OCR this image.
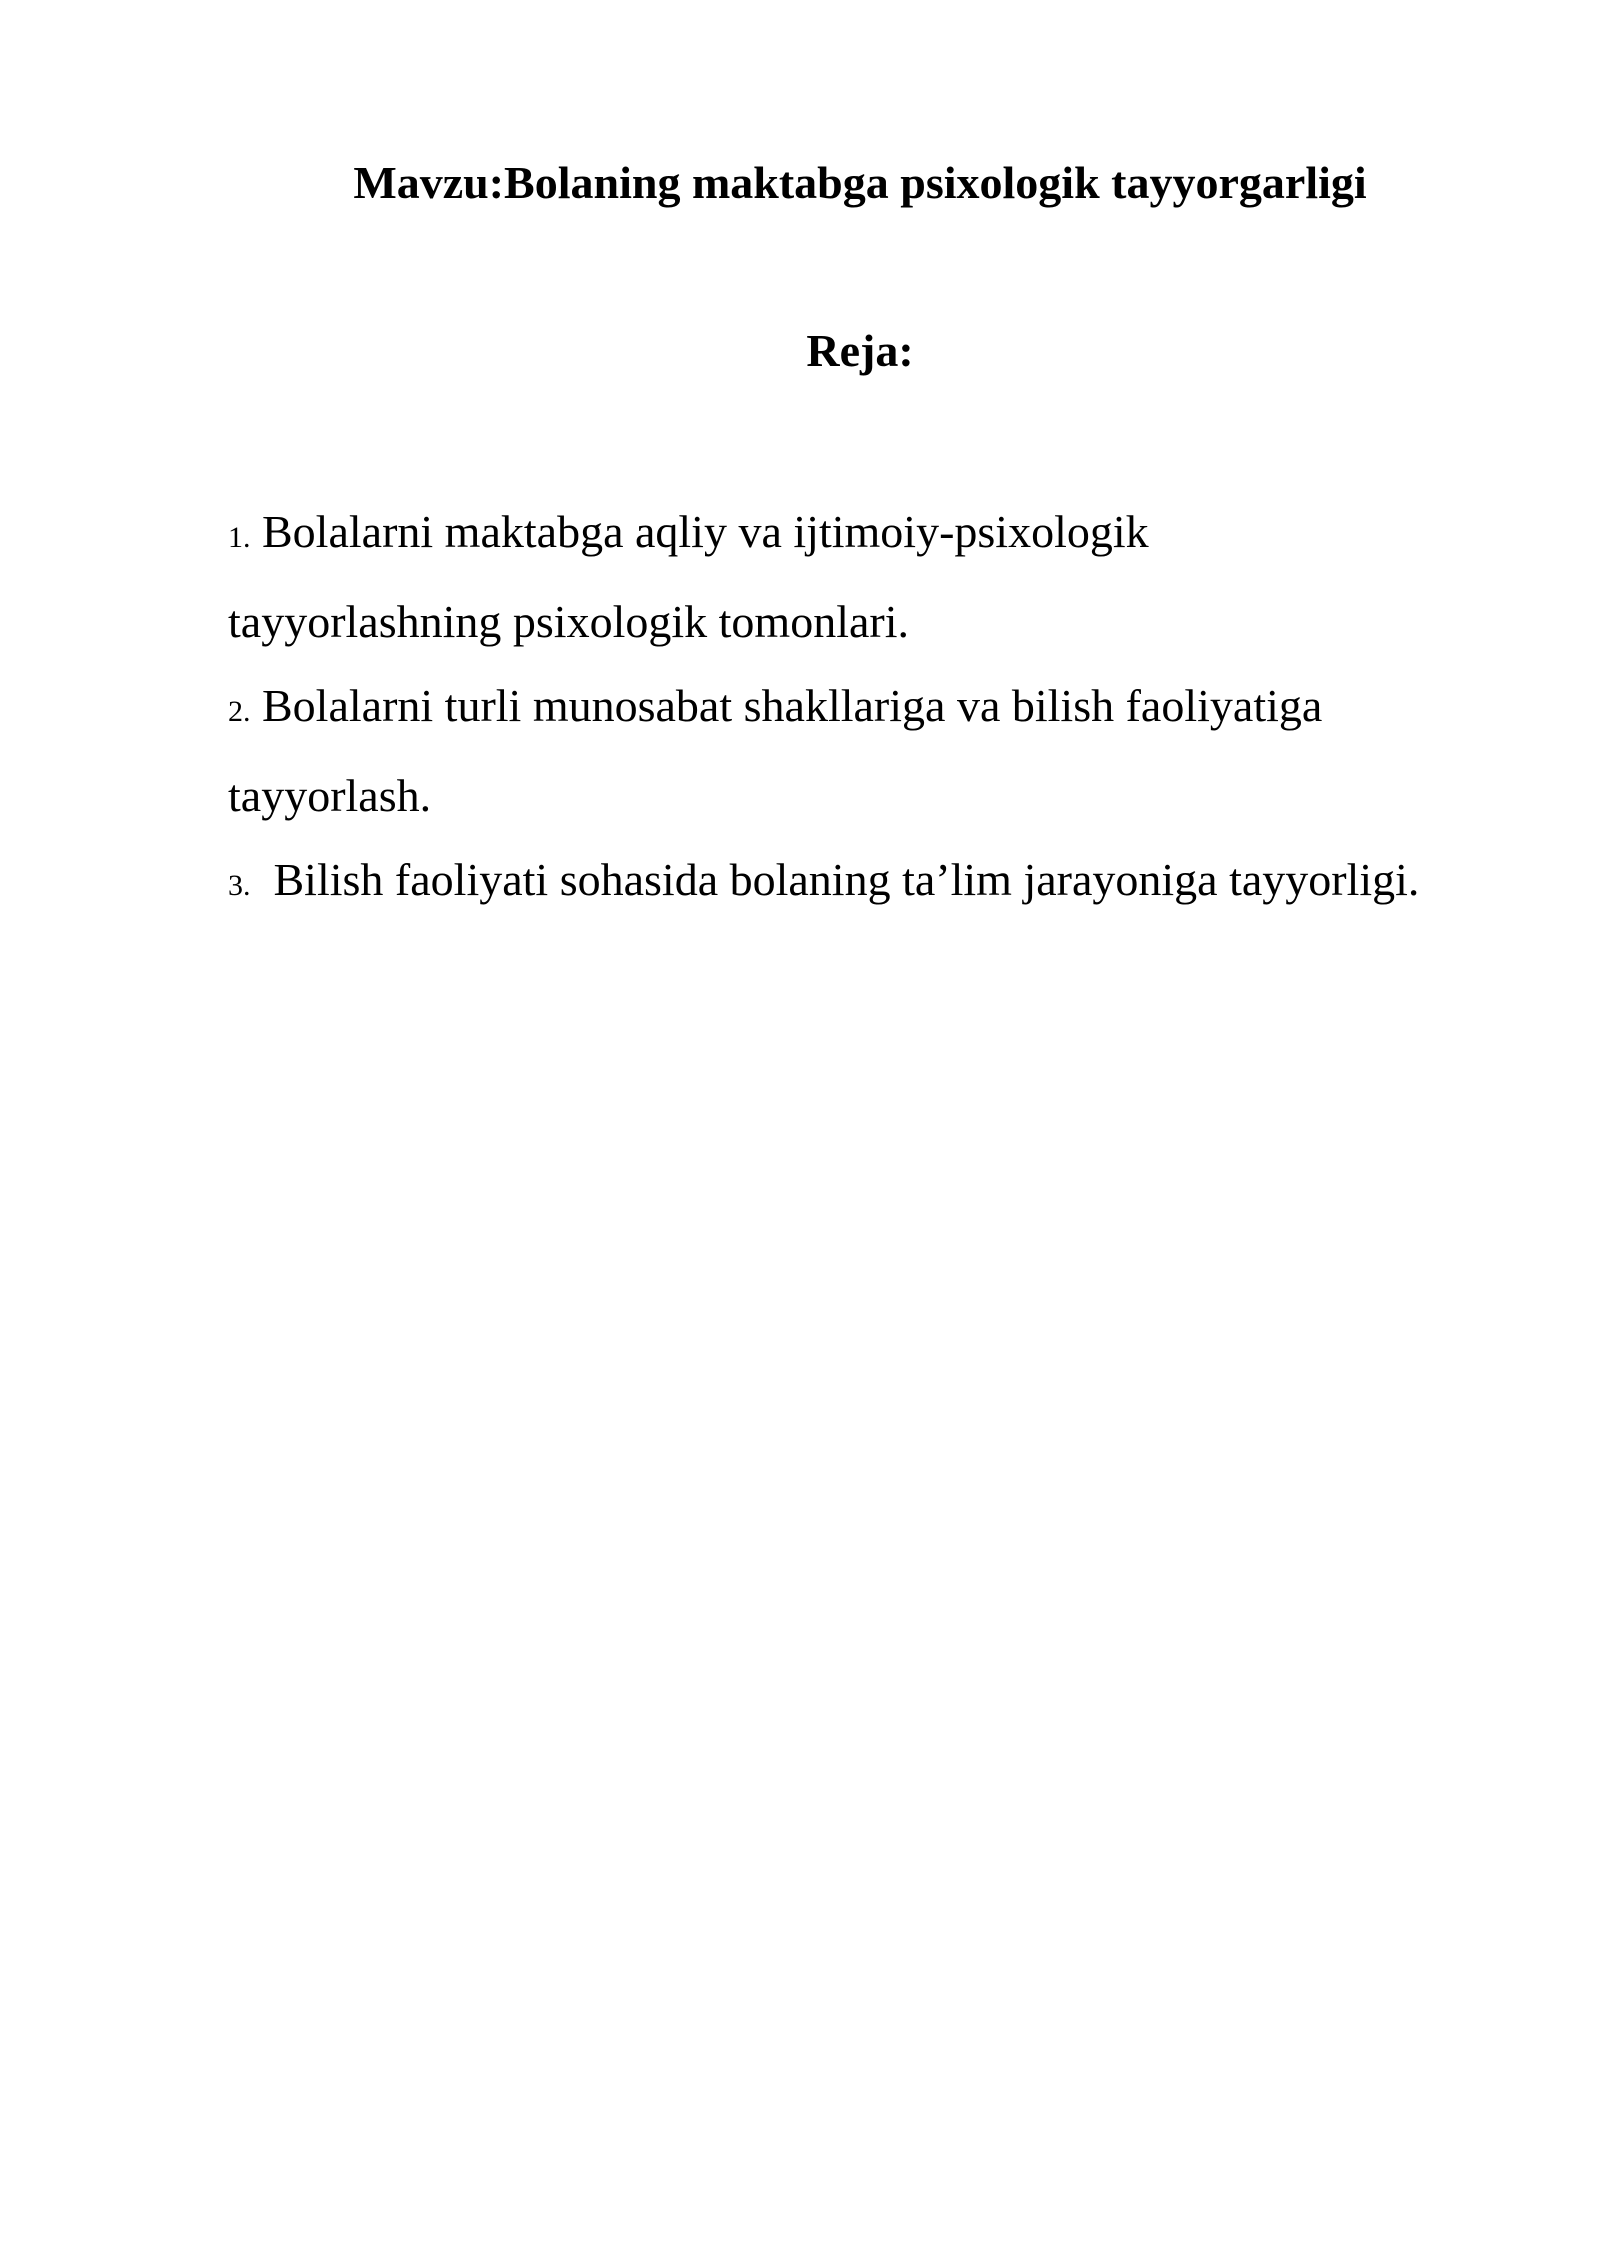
Mavzu:Bolaning maktabga psixologik tayyorgarligi
Reja:
1. Bolalarni maktabga aqliy va ijtimoiy-psixologik
tayyorlashning psixologik tomonlari.
2. Bolalarni turli munosabat shakllariga va bilish faoliyatiga
tayyorlash.
3. Bilish faoliyati sohasida bolaning ta’lim jarayoniga tayyorligi.
